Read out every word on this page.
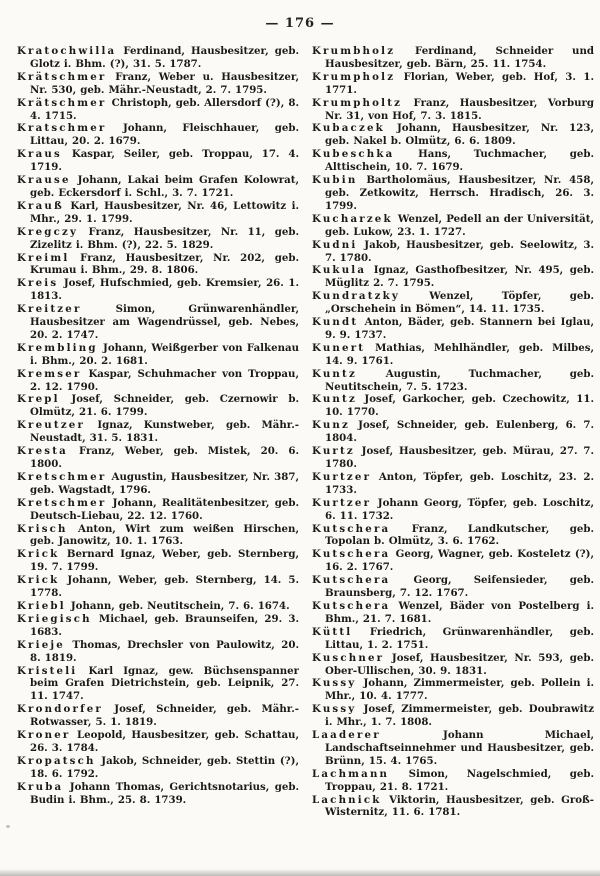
— 176 —

Kratochwilla Ferdinand, Hausbesitzer, geb. Glotz i. Bhm. (?), 31. 5. 1787.

Krätschmer Franz, Weber u. Hausbesitzer, Nr. 530, geb. Mähr.-Neustadt, 2. 7. 1795.

Krätschmer Christoph, geb. Allersdorf (?), 8. 4. 1715.

Kratschmer Johann, Fleischhauer, geb. Littau, 20. 2. 1679.

Kraus Kaspar, Seiler, geb. Troppau, 17. 4. 1719.

Krause Johann, Lakai beim Grafen Kolowrat, geb. Eckersdorf i. Schl., 3. 7. 1721.

Krauß Karl, Hausbesitzer, Nr. 46, Lettowitz i. Mhr., 29. 1. 1799.

Kregczy Franz, Hausbesitzer, Nr. 11, geb. Zizelitz i. Bhm. (?), 22. 5. 1829.

Kreiml Franz, Hausbesitzer, Nr. 202, geb. Krumau i. Bhm., 29. 8. 1806.

Kreis Josef, Hufschmied, geb. Kremsier, 26. 1. 1813.

Kreitzer Simon, Grünwarenhändler, Hausbesitzer am Wagendrüssel, geb. Nebes, 20. 2. 1747.

Krembling Johann, Weißgerber von Falkenau i. Bhm., 20. 2. 1681.

Kremser Kaspar, Schuhmacher von Troppau, 2. 12. 1790.

Krepl Josef, Schneider, geb. Czernowir b. Olmütz, 21. 6. 1799.

Kreutzer Ignaz, Kunstweber, geb. Mähr.-Neustadt, 31. 5. 1831.

Kresta Franz, Weber, geb. Mistek, 20. 6. 1800.

Kretschmer Augustin, Hausbesitzer, Nr. 387, geb. Wagstadt, 1796.

Kretschmer Johann, Realitätenbesitzer, geb. Deutsch-Liebau, 22. 12. 1760.

Krisch Anton, Wirt zum weißen Hirschen, geb. Janowitz, 10. 1. 1763.

Krick Bernard Ignaz, Weber, geb. Sternberg, 19. 7. 1799.

Krick Johann, Weber, geb. Sternberg, 14. 5. 1778.

Kriebl Johann, geb. Neutitschein, 7. 6. 1674.

Kriegisch Michael, geb. Braunseifen, 29. 3. 1683.

Krieje Thomas, Drechsler von Paulowitz, 20. 8. 1819.

Kristeli Karl Ignaz, gew. Büchsenspanner beim Grafen Dietrichstein, geb. Leipnik, 27. 11. 1747.

Krondorfer Josef, Schneider, geb. Mähr.-Rotwasser, 5. 1. 1819.

Kroner Leopold, Hausbesitzer, geb. Schattau, 26. 3. 1784.

Kropatsch Jakob, Schneider, geb. Stettin (?), 18. 6. 1792.

Kruba Johann Thomas, Gerichtsnotarius, geb. Budin i. Bhm., 25. 8. 1739.

Krumbholz Ferdinand, Schneider und Hausbesitzer, geb. Bärn, 25. 11. 1754.

Krumpholz Florian, Weber, geb. Hof, 3. 1. 1771.

Krumpholtz Franz, Hausbesitzer, Vorburg Nr. 31, von Hof, 7. 3. 1815.

Kubaczek Johann, Hausbesitzer, Nr. 123, geb. Nakel b. Olmütz, 6. 6. 1809.

Kubeschka Hans, Tuchmacher, geb. Alttischein, 10. 7. 1679.

Kubin Bartholomäus, Hausbesitzer, Nr. 458, geb. Zetkowitz, Herrsch. Hradisch, 26. 3. 1799.

Kucharzek Wenzel, Pedell an der Universität, geb. Lukow, 23. 1. 1727.

Kudni Jakob, Hausbesitzer, geb. Seelowitz, 3. 7. 1780.

Kukula Ignaz, Gasthofbesitzer, Nr. 495, geb. Müglitz 2. 7. 1795.

Kundratzky Wenzel, Töpfer, geb. „Orschehein in Bömen“, 14. 11. 1735.

Kundt Anton, Bäder, geb. Stannern bei Iglau, 9. 9. 1737.

Kunert Mathias, Mehlhändler, geb. Milbes, 14. 9. 1761.

Kuntz Augustin, Tuchmacher, geb. Neutitschein, 7. 5. 1723.

Kuntz Josef, Garkocher, geb. Czechowitz, 11. 10. 1770.

Kunz Josef, Schneider, geb. Eulenberg, 6. 7. 1804.

Kurtz Josef, Hausbesitzer, geb. Mürau, 27. 7. 1780.

Kurtzer Anton, Töpfer, geb. Loschitz, 23. 2. 1733.

Kurtzer Johann Georg, Töpfer, geb. Loschitz, 6. 11. 1732.

Kutschera Franz, Landkutscher, geb. Topolan b. Olmütz, 3. 6. 1762.

Kutschera Georg, Wagner, geb. Kosteletz (?), 16. 2. 1767.

Kutschera Georg, Seifensieder, geb. Braunsberg, 7. 12. 1767.

Kutschera Wenzel, Bäder von Postelberg i. Bhm., 21. 7. 1681.

Küttl Friedrich, Grünwarenhändler, geb. Littau, 1. 2. 1751.

Kuschner Josef, Hausbesitzer, Nr. 593, geb. Ober-Ullischen, 30. 9. 1831.

Kussy Johann, Zimmermeister, geb. Pollein i. Mhr., 10. 4. 1777.

Kussy Josef, Zimmermeister, geb. Doubrawitz i. Mhr., 1. 7. 1808.

Laaderer Johann Michael, Landschaftseinnehmer und Hausbesitzer, geb. Brünn, 15. 4. 1765.

Lachmann Simon, Nagelschmied, geb. Troppau, 21. 8. 1721.

Lachnick Viktorin, Hausbesitzer, geb. Groß-Wisternitz, 11. 6. 1781.
